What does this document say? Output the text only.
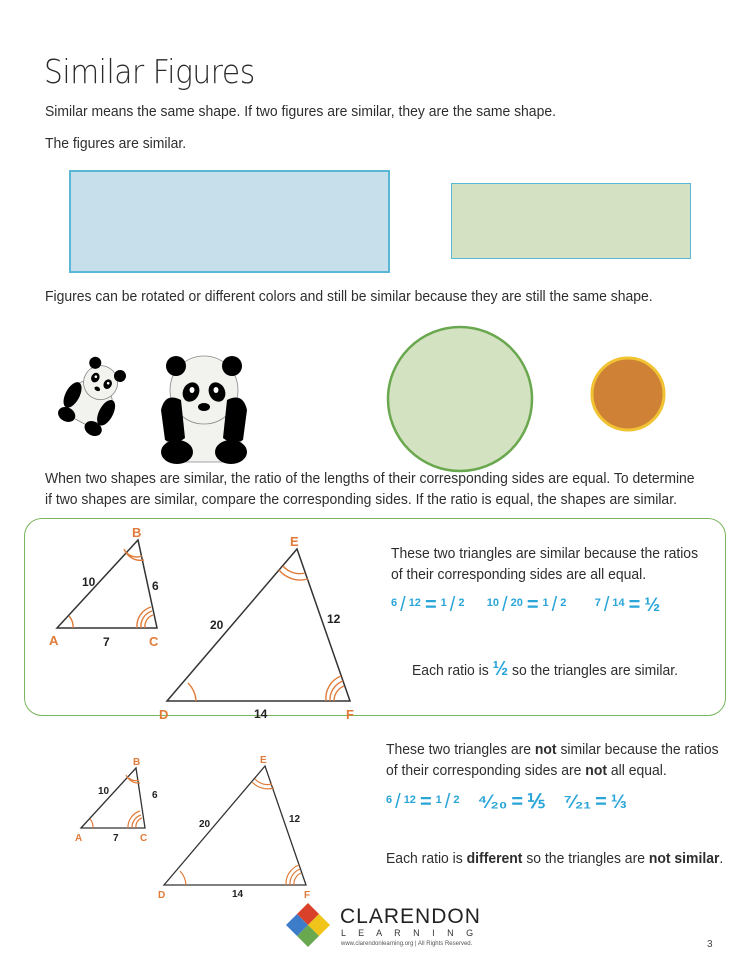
Similar Figures
Similar means the same shape. If two figures are similar, they are the same shape.
The figures are similar.
Figures can be rotated or different colors and still be similar because they are still the same shape.
When two shapes are similar, the ratio of the lengths of their corresponding sides are equal. To determine
if two shapes are similar, compare the corresponding sides. If the ratio is equal, the shapes are similar.
A
B
C
10	6
7
D
E
F
20	12
14
These two triangles are similar because the ratios
of their corresponding sides are all equal.
$^6$ / $^{12}$ = $^1$ / $^2$ $^{10}$ / $^{20}$ = $^1$ / $^2$	$^7$ / $^{14}$ = ½
Each ratio is ½ so the triangles are similar.
A
B
C
10	6
7
D
E
F
20	12
14
These two triangles are not similar because the ratios
of their corresponding sides are not all equal.
$^6$ / $^{12}$ = $^1$ / $^2$ ⁴⁄₂₀ = ⅕ ⁷⁄₂₁ = ⅓
Each ratio is different so the triangles are not similar.
CLARENDON
L E A R N I N G
www.clarendonlearning.org | All Rights Reserved.	3
